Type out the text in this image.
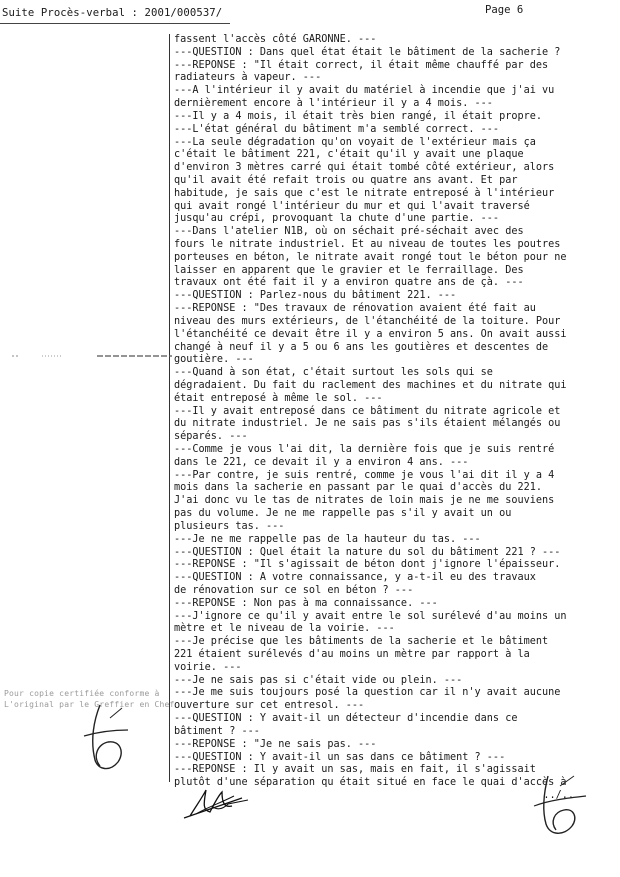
Suite Procès-verbal : 2001/000537/	Page 6
fassent l'accès côté GARONNE. ---
---QUESTION : Dans quel état était le bâtiment de la sacherie ?
---REPONSE : "Il était correct, il était même chauffé par des
radiateurs à vapeur. ---
---A l'intérieur il y avait du matériel à incendie que j'ai vu
dernièrement encore à l'intérieur il y a 4 mois. ---
---Il y a 4 mois, il était très bien rangé, il était propre.
---L'état général du bâtiment m'a semblé correct. ---
---La seule dégradation qu'on voyait de l'extérieur mais ça
c'était le bâtiment 221, c'était qu'il y avait une plaque
d'environ 3 mètres carré qui était tombé côté extérieur, alors
qu'il avait été refait trois ou quatre ans avant. Et par
habitude, je sais que c'est le nitrate entreposé à l'intérieur
qui avait rongé l'intérieur du mur et qui l'avait traversé
jusqu'au crépi, provoquant la chute d'une partie. ---
---Dans l'atelier N1B, où on séchait pré-séchait avec des
fours le nitrate industriel. Et au niveau de toutes les poutres
porteuses en béton, le nitrate avait rongé tout le béton pour ne
laisser en apparent que le gravier et le ferraillage. Des
travaux ont été fait il y a environ quatre ans de çà. ---
---QUESTION : Parlez-nous du bâtiment 221. ---
---REPONSE : "Des travaux de rénovation avaient été fait au
niveau des murs extérieurs, de l'étanchéité de la toiture. Pour
l'étanchéité ce devait être il y a environ 5 ans. On avait aussi
changé à neuf il y a 5 ou 6 ans les goutières et descentes de
goutière. ---
---Quand à son état, c'était surtout les sols qui se
dégradaient. Du fait du raclement des machines et du nitrate qui
était entreposé à même le sol. ---
---Il y avait entreposé dans ce bâtiment du nitrate agricole et
du nitrate industriel. Je ne sais pas s'ils étaient mélangés ou
séparés. ---
---Comme je vous l'ai dit, la dernière fois que je suis rentré
dans le 221, ce devait il y a environ 4 ans. ---
---Par contre, je suis rentré, comme je vous l'ai dit il y a 4
mois dans la sacherie en passant par le quai d'accès du 221.
J'ai donc vu le tas de nitrates de loin mais je ne me souviens
pas du volume. Je ne me rappelle pas s'il y avait un ou
plusieurs tas. ---
---Je ne me rappelle pas de la hauteur du tas. ---
---QUESTION : Quel était la nature du sol du bâtiment 221 ? ---
---REPONSE : "Il s'agissait de béton dont j'ignore l'épaisseur.
---QUESTION : A votre connaissance, y a-t-il eu des travaux
de rénovation sur ce sol en béton ? ---
---REPONSE : Non pas à ma connaissance. ---
---J'ignore ce qu'il y avait entre le sol surélevé d'au moins un
mètre et le niveau de la voirie. ---
---Je précise que les bâtiments de la sacherie et le bâtiment
221 étaient surélevés d'au moins un mètre par rapport à la
voirie. ---
---Je ne sais pas si c'était vide ou plein. ---
---Je me suis toujours posé la question car il n'y avait aucune
ouverture sur cet entresol. ---
---QUESTION : Y avait-il un détecteur d'incendie dans ce
bâtiment ? ---
---REPONSE : "Je ne sais pas. ---
---QUESTION : Y avait-il un sas dans ce bâtiment ? ---
---REPONSE : Il y avait un sas, mais en fait, il s'agissait
plutôt d'une séparation qu était situé en face le quai d'accès à
../..
Pour copie certifiée conforme à
L'original par le Greffier en Chef
